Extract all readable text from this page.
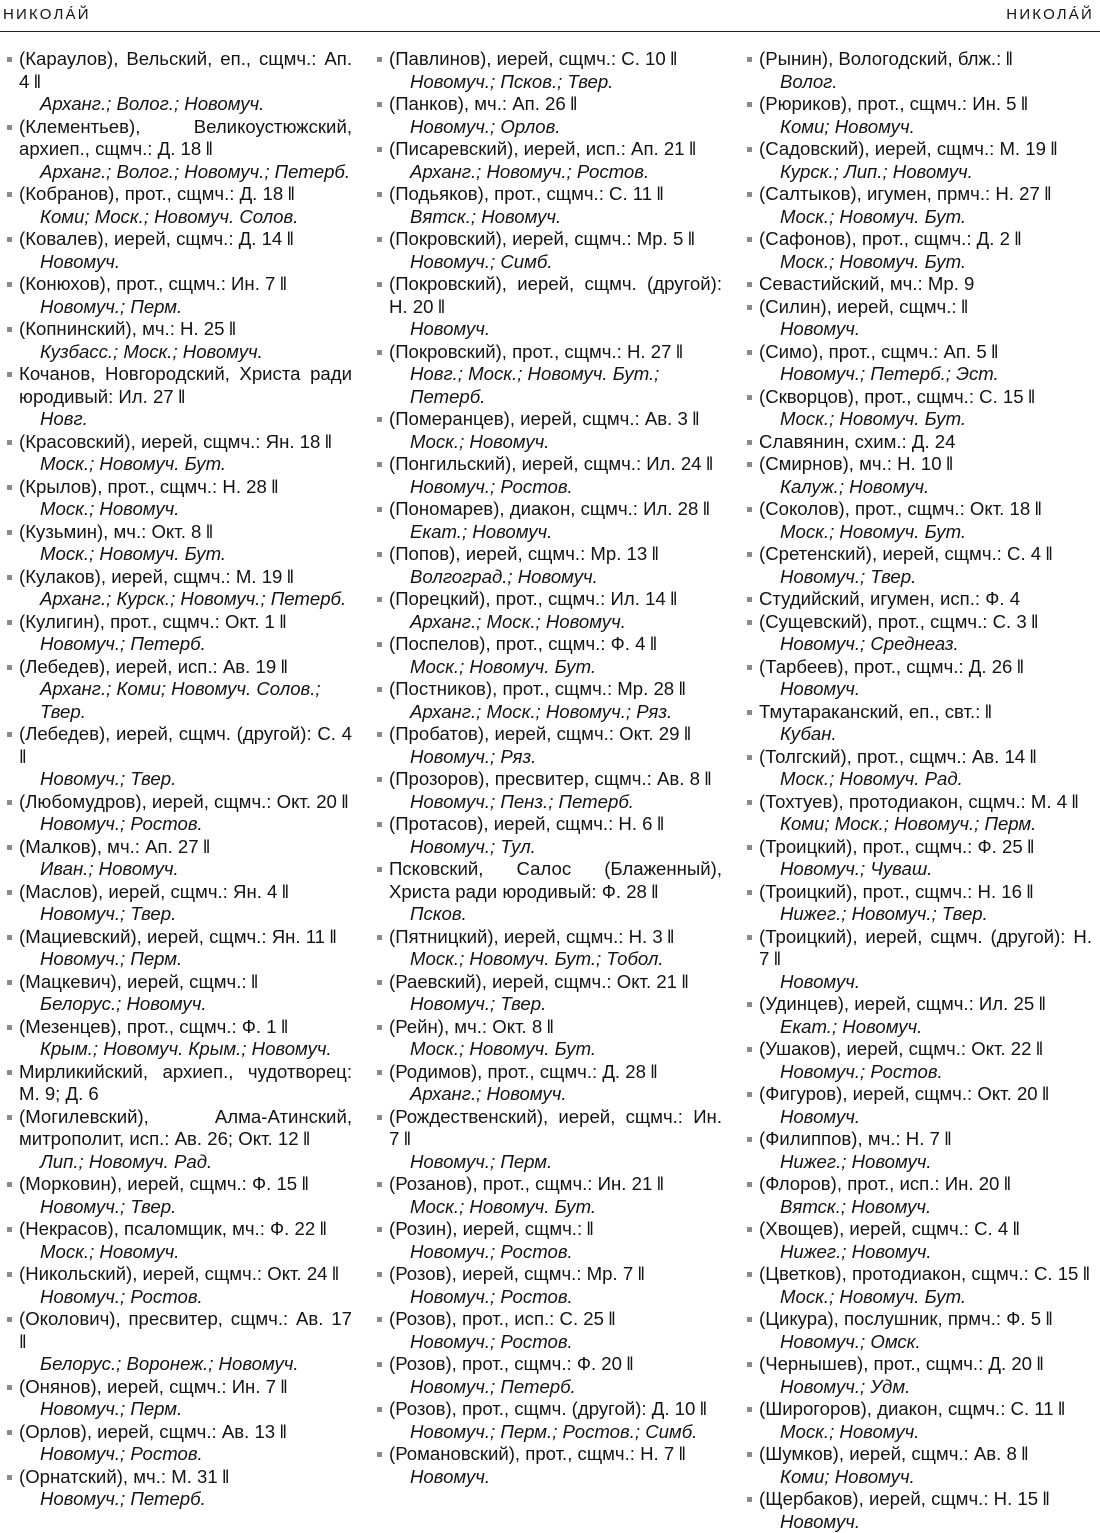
НИКОЛА́Й	НИКОЛА́Й
(Караулов), Вельский, еп., сщмч.: Ап. 4 ‖
Арханг.; Волог.; Новомуч.
(Клементьев), Великоустюжский, архиеп., сщмч.: Д. 18 ‖
Арханг.; Волог.; Новомуч.; Петерб.
(Кобранов), прот., сщмч.: Д. 18 ‖
Коми; Моск.; Новомуч. Солов.
(Ковалев), иерей, сщмч.: Д. 14 ‖
Новомуч.
(Конюхов), прот., сщмч.: Ин. 7 ‖
Новомуч.; Перм.
(Копнинский), мч.: Н. 25 ‖
Кузбасс.; Моск.; Новомуч.
Кочанов, Новгородский, Христа ради юродивый: Ил. 27 ‖
Новг.
(Красовский), иерей, сщмч.: Ян. 18 ‖
Моск.; Новомуч. Бут.
(Крылов), прот., сщмч.: Н. 28 ‖
Моск.; Новомуч.
(Кузьмин), мч.: Окт. 8 ‖
Моск.; Новомуч. Бут.
(Кулаков), иерей, сщмч.: М. 19 ‖
Арханг.; Курск.; Новомуч.; Петерб.
(Кулигин), прот., сщмч.: Окт. 1 ‖
Новомуч.; Петерб.
(Лебедев), иерей, исп.: Ав. 19 ‖
Арханг.; Коми; Новомуч. Солов.; Твер.
(Лебедев), иерей, сщмч. (другой): С. 4 ‖
Новомуч.; Твер.
(Любомудров), иерей, сщмч.: Окт. 20 ‖
Новомуч.; Ростов.
(Малков), мч.: Ап. 27 ‖
Иван.; Новомуч.
(Маслов), иерей, сщмч.: Ян. 4 ‖
Новомуч.; Твер.
(Мациевский), иерей, сщмч.: Ян. 11 ‖
Новомуч.; Перм.
(Мацкевич), иерей, сщмч.: ‖
Белорус.; Новомуч.
(Мезенцев), прот., сщмч.: Ф. 1 ‖
Крым.; Новомуч. Крым.; Новомуч.
Мирликийский, архиеп., чудотворец: М. 9; Д. 6
(Могилевский), Алма-Атинский, митрополит, исп.: Ав. 26; Окт. 12 ‖
Лип.; Новомуч. Рад.
(Морковин), иерей, сщмч.: Ф. 15 ‖
Новомуч.; Твер.
(Некрасов), псаломщик, мч.: Ф. 22 ‖
Моск.; Новомуч.
(Никольский), иерей, сщмч.: Окт. 24 ‖
Новомуч.; Ростов.
(Околович), пресвитер, сщмч.: Ав. 17 ‖
Белорус.; Воронеж.; Новомуч.
(Онянов), иерей, сщмч.: Ин. 7 ‖
Новомуч.; Перм.
(Орлов), иерей, сщмч.: Ав. 13 ‖
Новомуч.; Ростов.
(Орнатский), мч.: М. 31 ‖
Новомуч.; Петерб.
(Павлинов), иерей, сщмч.: С. 10 ‖
Новомуч.; Псков.; Твер.
(Панков), мч.: Ап. 26 ‖
Новомуч.; Орлов.
(Писаревский), иерей, исп.: Ап. 21 ‖
Арханг.; Новомуч.; Ростов.
(Подьяков), прот., сщмч.: С. 11 ‖
Вятск.; Новомуч.
(Покровский), иерей, сщмч.: Мр. 5 ‖
Новомуч.; Симб.
(Покровский), иерей, сщмч. (другой): Н. 20 ‖
Новомуч.
(Покровский), прот., сщмч.: Н. 27 ‖
Новг.; Моск.; Новомуч. Бут.; Петерб.
(Померанцев), иерей, сщмч.: Ав. 3 ‖
Моск.; Новомуч.
(Понгильский), иерей, сщмч.: Ил. 24 ‖
Новомуч.; Ростов.
(Пономарев), диакон, сщмч.: Ил. 28 ‖
Екат.; Новомуч.
(Попов), иерей, сщмч.: Мр. 13 ‖
Волгоград.; Новомуч.
(Порецкий), прот., сщмч.: Ил. 14 ‖
Арханг.; Моск.; Новомуч.
(Поспелов), прот., сщмч.: Ф. 4 ‖
Моск.; Новомуч. Бут.
(Постников), прот., сщмч.: Мр. 28 ‖
Арханг.; Моск.; Новомуч.; Ряз.
(Пробатов), иерей, сщмч.: Окт. 29 ‖
Новомуч.; Ряз.
(Прозоров), пресвитер, сщмч.: Ав. 8 ‖
Новомуч.; Пенз.; Петерб.
(Протасов), иерей, сщмч.: Н. 6 ‖
Новомуч.; Тул.
Псковский, Салос (Блаженный), Христа ради юродивый: Ф. 28 ‖
Псков.
(Пятницкий), иерей, сщмч.: Н. 3 ‖
Моск.; Новомуч. Бут.; Тобол.
(Раевский), иерей, сщмч.: Окт. 21 ‖
Новомуч.; Твер.
(Рейн), мч.: Окт. 8 ‖
Моск.; Новомуч. Бут.
(Родимов), прот., сщмч.: Д. 28 ‖
Арханг.; Новомуч.
(Рождественский), иерей, сщмч.: Ин. 7 ‖
Новомуч.; Перм.
(Розанов), прот., сщмч.: Ин. 21 ‖
Моск.; Новомуч. Бут.
(Розин), иерей, сщмч.: ‖
Новомуч.; Ростов.
(Розов), иерей, сщмч.: Мр. 7 ‖
Новомуч.; Ростов.
(Розов), прот., исп.: С. 25 ‖
Новомуч.; Ростов.
(Розов), прот., сщмч.: Ф. 20 ‖
Новомуч.; Петерб.
(Розов), прот., сщмч. (другой): Д. 10 ‖
Новомуч.; Перм.; Ростов.; Симб.
(Романовский), прот., сщмч.: Н. 7 ‖
Новомуч.
(Рынин), Вологодский, блж.: ‖
Волог.
(Рюриков), прот., сщмч.: Ин. 5 ‖
Коми; Новомуч.
(Садовский), иерей, сщмч.: М. 19 ‖
Курск.; Лип.; Новомуч.
(Салтыков), игумен, прмч.: Н. 27 ‖
Моск.; Новомуч. Бут.
(Сафонов), прот., сщмч.: Д. 2 ‖
Моск.; Новомуч. Бут.
Севастийский, мч.: Мр. 9
(Силин), иерей, сщмч.: ‖
Новомуч.
(Симо), прот., сщмч.: Ап. 5 ‖
Новомуч.; Петерб.; Эст.
(Скворцов), прот., сщмч.: С. 15 ‖
Моск.; Новомуч. Бут.
Славянин, схим.: Д. 24
(Смирнов), мч.: Н. 10 ‖
Калуж.; Новомуч.
(Соколов), прот., сщмч.: Окт. 18 ‖
Моск.; Новомуч. Бут.
(Сретенский), иерей, сщмч.: С. 4 ‖
Новомуч.; Твер.
Студийский, игумен, исп.: Ф. 4
(Сущевский), прот., сщмч.: С. 3 ‖
Новомуч.; Среднеаз.
(Тарбеев), прот., сщмч.: Д. 26 ‖
Новомуч.
Тмутараканский, еп., свт.: ‖
Кубан.
(Толгский), прот., сщмч.: Ав. 14 ‖
Моск.; Новомуч. Рад.
(Тохтуев), протодиакон, сщмч.: М. 4 ‖
Коми; Моск.; Новомуч.; Перм.
(Троицкий), прот., сщмч.: Ф. 25 ‖
Новомуч.; Чуваш.
(Троицкий), прот., сщмч.: Н. 16 ‖
Нижег.; Новомуч.; Твер.
(Троицкий), иерей, сщмч. (другой): Н. 7 ‖
Новомуч.
(Удинцев), иерей, сщмч.: Ил. 25 ‖
Екат.; Новомуч.
(Ушаков), иерей, сщмч.: Окт. 22 ‖
Новомуч.; Ростов.
(Фигуров), иерей, сщмч.: Окт. 20 ‖
Новомуч.
(Филиппов), мч.: Н. 7 ‖
Нижег.; Новомуч.
(Флоров), прот., исп.: Ин. 20 ‖
Вятск.; Новомуч.
(Хвощев), иерей, сщмч.: С. 4 ‖
Нижег.; Новомуч.
(Цветков), протодиакон, сщмч.: С. 15 ‖
Моск.; Новомуч. Бут.
(Цикура), послушник, прмч.: Ф. 5 ‖
Новомуч.; Омск.
(Чернышев), прот., сщмч.: Д. 20 ‖
Новомуч.; Удм.
(Широгоров), диакон, сщмч.: С. 11 ‖
Моск.; Новомуч.
(Шумков), иерей, сщмч.: Ав. 8 ‖
Коми; Новомуч.
(Щербаков), иерей, сщмч.: Н. 15 ‖
Новомуч.
